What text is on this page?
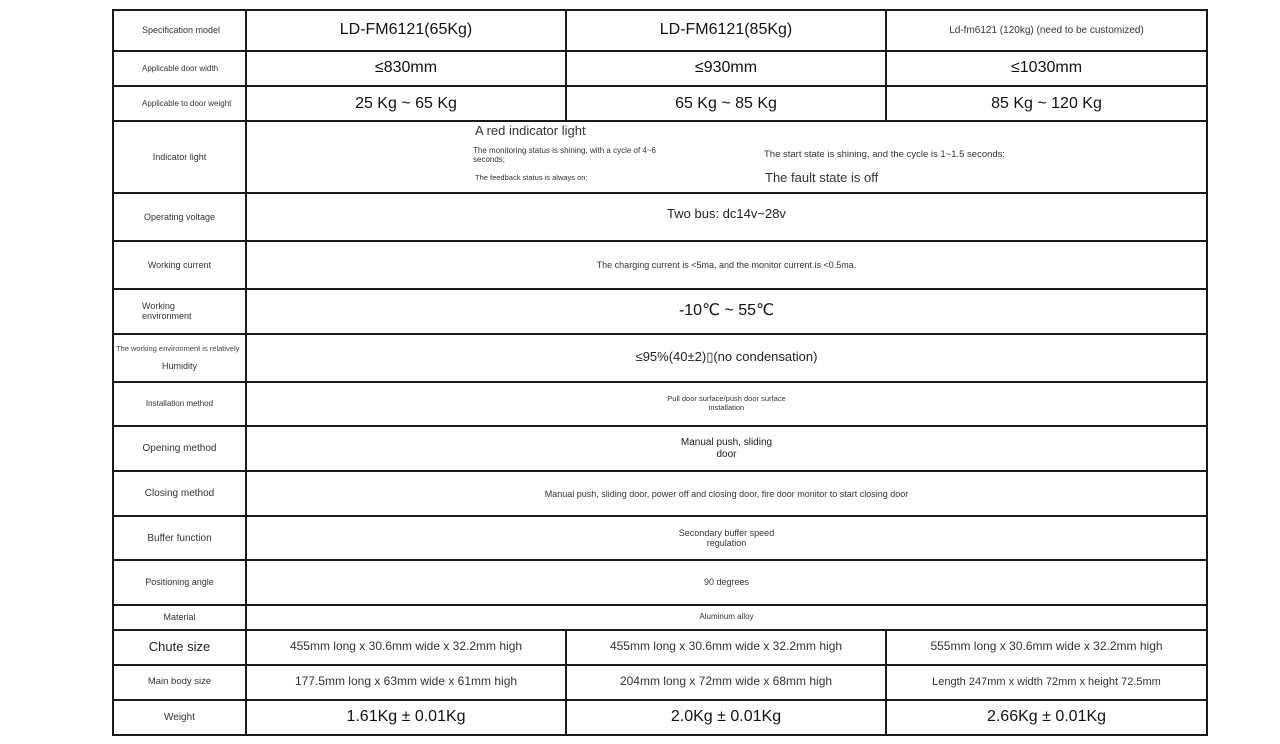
Specification model	LD-FM6121(65Kg)	LD-FM6121(85Kg)	Ld-fm6121 (120kg) (need to be customized)

Applicable door width	≤830mm	≤930mm	≤1030mm

Applicable to door weight	25 Kg ~ 65 Kg	65 Kg ~ 85 Kg	85 Kg ~ 120 Kg
Indicator light	A red indicator light
The monitoring status is shining, with a cycle of 4~6 seconds;
The feedback status is always on;
The start state is shining, and the cycle is 1~1.5 seconds;
The fault state is off		

Operating voltage	Two bus: dc14v~28v		
Working current	The charging current is <5ma, and the monitor current is <0.5ma.		

Working environment	-10℃ ~ 55℃		

The working environment is relatively
Humidity	≤95%(40±2)▯(no condensation)		
Installation method	Pull door surface/push door surface installation		
Opening method	Manual push, sliding door		
Closing method	Manual push, sliding door, power off and closing door, fire door monitor to start closing door		
Buffer function	Secondary buffer speed regulation		
Positioning angle	90 degrees		
Material	Aluminum alloy		
Chute size	455mm long x 30.6mm wide x 32.2mm high	455mm long x 30.6mm wide x 32.2mm high	555mm long x 30.6mm wide x 32.2mm high
Main body size	177.5mm long x 63mm wide x 61mm high	204mm long x 72mm wide x 68mm high	Length 247mm x width 72mm x height 72.5mm
Weight	1.61Kg ± 0.01Kg	2.0Kg ± 0.01Kg	2.66Kg ± 0.01Kg
